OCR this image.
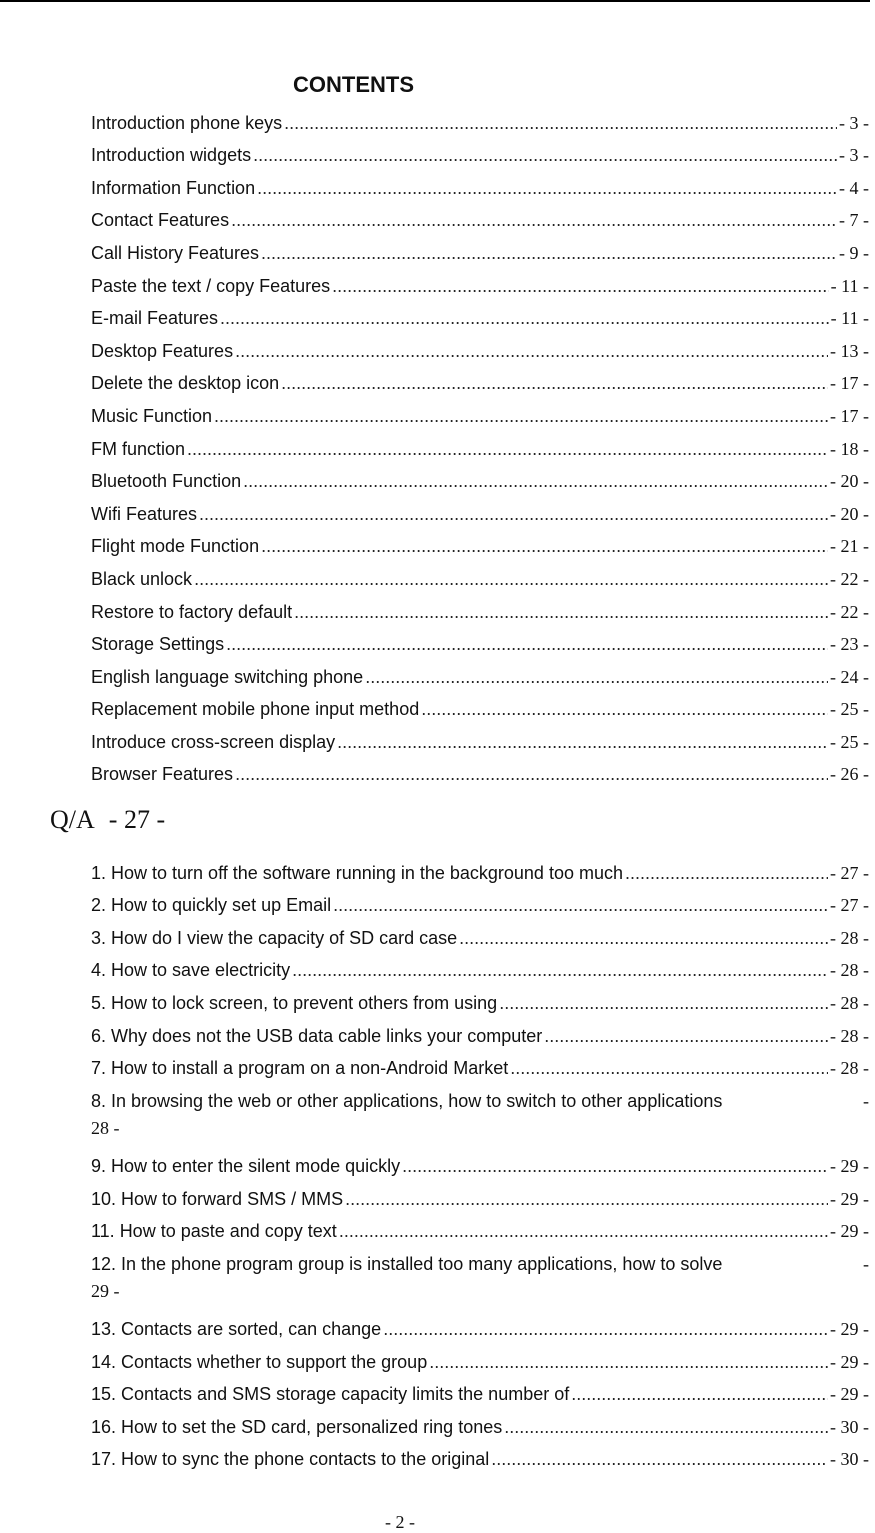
CONTENTS
Introduction phone keys .....	- 3 -
Introduction widgets .....	- 3 -
Information Function .....	- 4 -
Contact Features .....	- 7 -
Call History Features .....	- 9 -
Paste the text / copy Features .....	- 11 -
E-mail Features .....	- 11 -
Desktop Features .....	- 13 -
Delete the desktop icon .....	- 17 -
Music Function .....	- 17 -
FM function .....	- 18 -
Bluetooth Function .....	- 20 -
Wifi Features .....	- 20 -
Flight mode Function .....	- 21 -
Black unlock .....	- 22 -
Restore to factory default .....	- 22 -
Storage Settings .....	- 23 -
English language switching phone .....	- 24 -
Replacement mobile phone input method .....	- 25 -
Introduce cross-screen display .....	- 25 -
Browser Features .....	- 26 -
Q/A - 27 -
1. How to turn off the software running in the background too much .....	- 27 -
2. How to quickly set up Email .....	- 27 -
3. How do I view the capacity of SD card case .....	- 28 -
4. How to save electricity .....	- 28 -
5. How to lock screen, to prevent others from using .....	- 28 -
6. Why does not the USB data cable links your computer .....	- 28 -
7. How to install a program on a non-Android Market .....	- 28 -
8. In browsing the web or other applications, how to switch to other applications	-
28 -
9. How to enter the silent mode quickly .....	- 29 -
10. How to forward SMS / MMS .....	- 29 -
11. How to paste and copy text .....	- 29 -
12. In the phone program group is installed too many applications, how to solve	-
29 -
13. Contacts are sorted, can change .....	- 29 -
14. Contacts whether to support the group .....	- 29 -
15. Contacts and SMS storage capacity limits the number of .....	- 29 -
16. How to set the SD card, personalized ring tones .....	- 30 -
17. How to sync the phone contacts to the original .....	- 30 -
- 2 -
